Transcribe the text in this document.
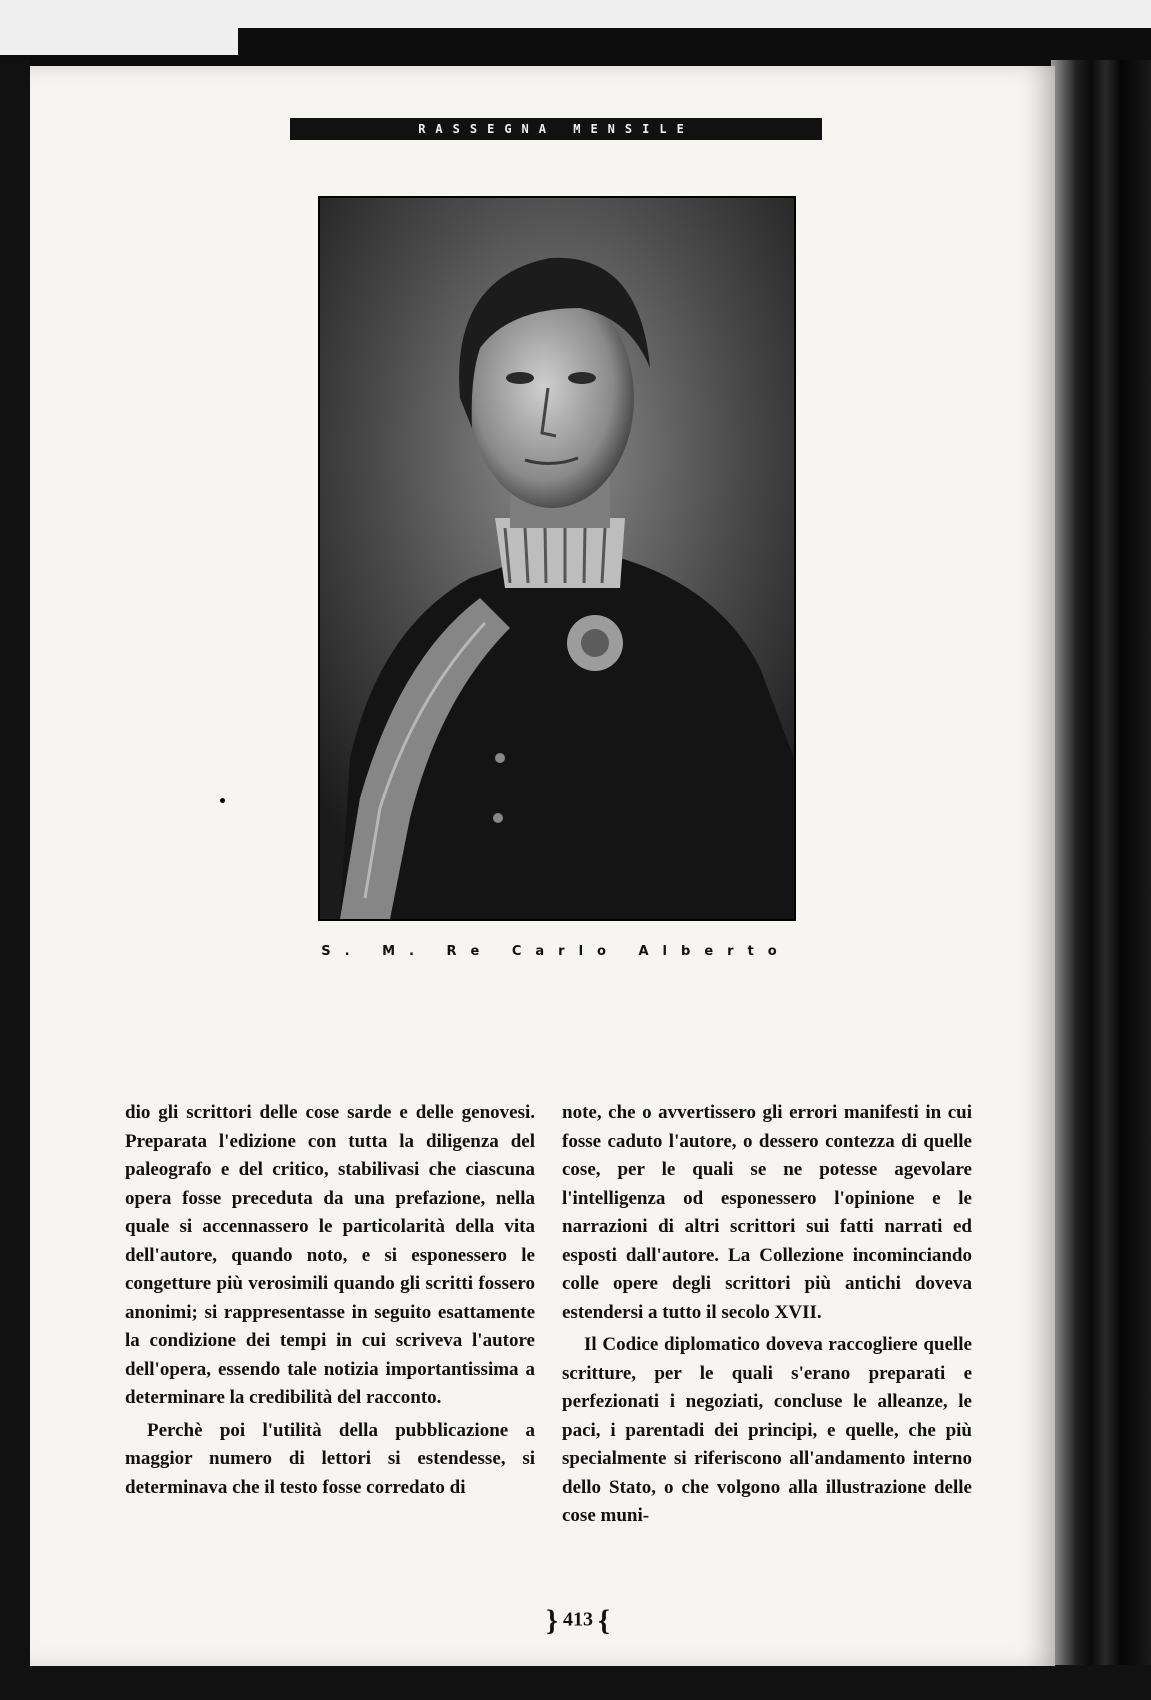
RASSEGNA MENSILE
S. M. Re Carlo Alberto

dio gli scrittori delle cose sarde e delle genovesi. Preparata l'edizione con tutta la diligenza del paleografo e del critico, stabilivasi che ciascuna opera fosse preceduta da una prefazione, nella quale si accennassero le particolarità della vita dell'autore, quando noto, e si esponessero le congetture più verosimili quando gli scritti fossero anonimi; si rappresentasse in seguito esattamente la condizione dei tempi in cui scriveva l'autore dell'opera, essendo tale notizia importantissima a determinare la credibilità del racconto.

Perchè poi l'utilità della pubblicazione a maggior numero di lettori si estendesse, si determinava che il testo fosse corredato di

note, che o avvertissero gli errori manifesti in cui fosse caduto l'autore, o dessero contezza di quelle cose, per le quali se ne potesse agevolare l'intelligenza od esponessero l'opinione e le narrazioni di altri scrittori sui fatti narrati ed esposti dall'autore. La Collezione incominciando colle opere degli scrittori più antichi doveva estendersi a tutto il secolo XVII.

Il Codice diplomatico doveva raccogliere quelle scritture, per le quali s'erano preparati e perfezionati i negoziati, concluse le alleanze, le paci, i parentadi dei principi, e quelle, che più specialmente si riferiscono all'andamento interno dello Stato, o che volgono alla illustrazione delle cose muni-

} 413 {
